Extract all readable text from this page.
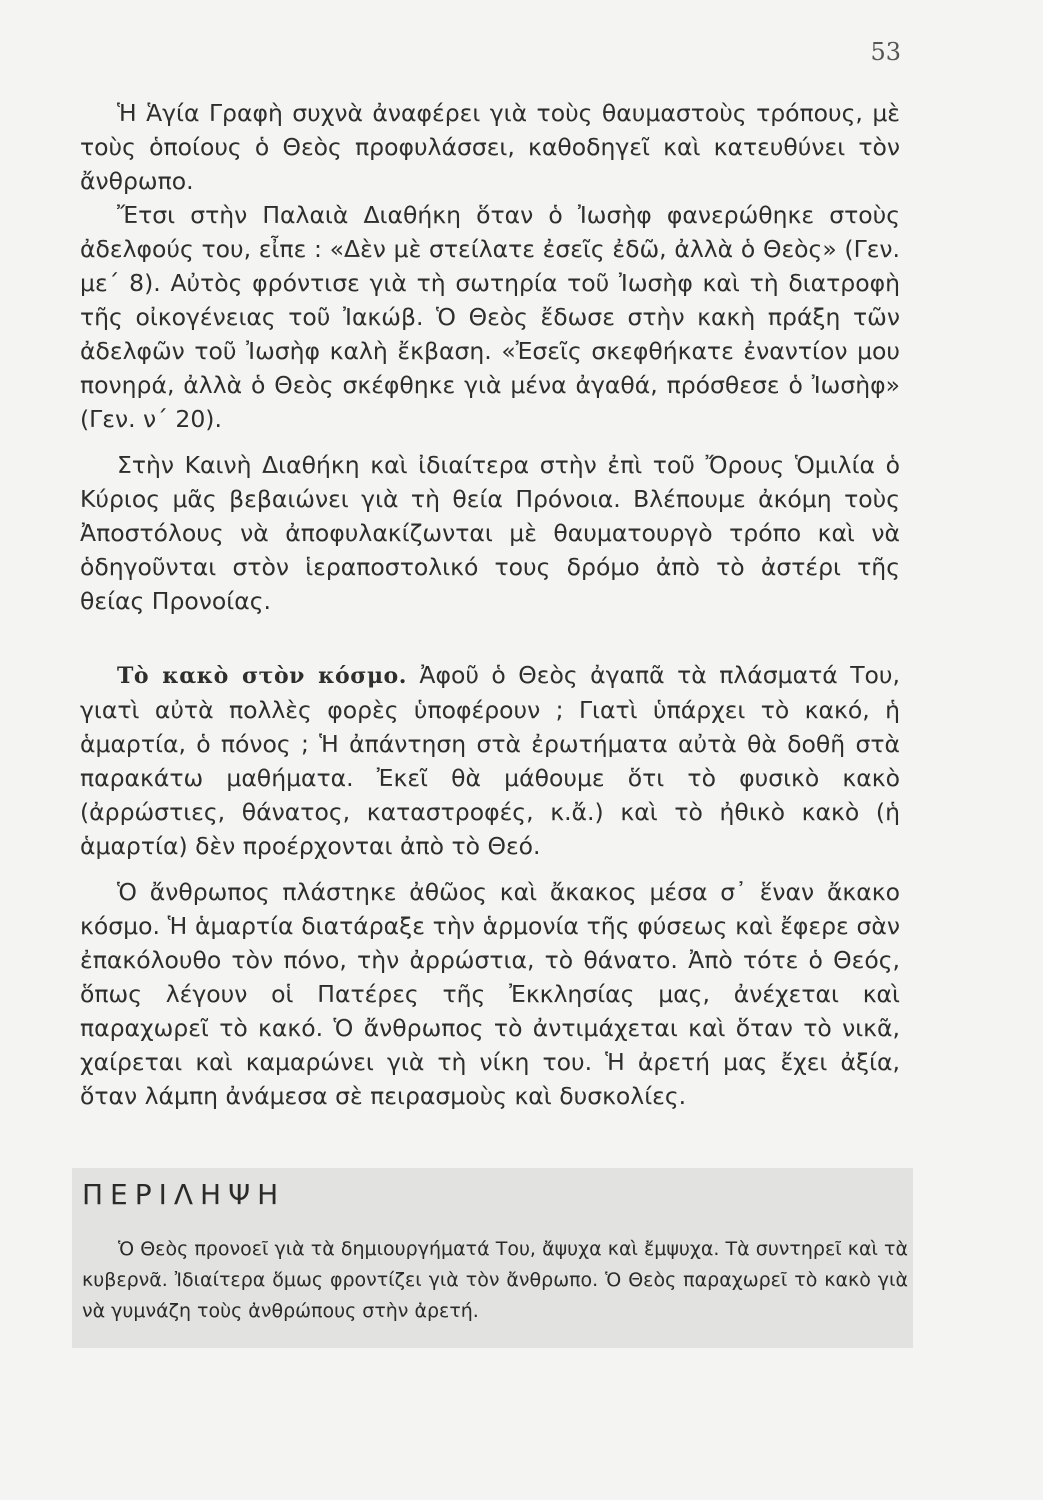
53

Ἡ Ἁγία Γραφὴ συχνὰ ἀναφέρει γιὰ τοὺς θαυμαστοὺς τρόπους, μὲ τοὺς ὁποίους ὁ Θεὸς προφυλάσσει, καθοδηγεῖ καὶ κατευθύνει τὸν ἄνθρωπο.

Ἔτσι στὴν Παλαιὰ Διαθήκη ὅταν ὁ Ἰωσὴφ φανερώθηκε στοὺς ἀδελφούς του, εἶπε : «Δὲν μὲ στείλατε ἐσεῖς ἐδῶ, ἀλλὰ ὁ Θεὸς» (Γεν. με΄ 8). Αὐτὸς φρόντισε γιὰ τὴ σωτηρία τοῦ Ἰωσὴφ καὶ τὴ διατροφὴ τῆς οἰκογένειας τοῦ Ἰακώβ. Ὁ Θεὸς ἔδωσε στὴν κακὴ πράξη τῶν ἀδελφῶν τοῦ Ἰωσὴφ καλὴ ἔκβαση. «Ἐσεῖς σκεφθήκατε ἐναντίον μου πονηρά, ἀλλὰ ὁ Θεὸς σκέφθηκε γιὰ μένα ἀγαθά, πρόσθεσε ὁ Ἰωσὴφ» (Γεν. ν΄ 20).

Στὴν Καινὴ Διαθήκη καὶ ἰδιαίτερα στὴν ἐπὶ τοῦ Ὄρους Ὁμιλία ὁ Κύριος μᾶς βεβαιώνει γιὰ τὴ θεία Πρόνοια. Βλέπουμε ἀκόμη τοὺς Ἀποστόλους νὰ ἀποφυλακίζωνται μὲ θαυματουργὸ τρόπο καὶ νὰ ὁδηγοῦνται στὸν ἱεραποστολικό τους δρόμο ἀπὸ τὸ ἀστέρι τῆς θείας Προνοίας.

Τὸ κακὸ στὸν κόσμο. Ἀφοῦ ὁ Θεὸς ἀγαπᾶ τὰ πλάσματά Του, γιατὶ αὐτὰ πολλὲς φορὲς ὑποφέρουν ; Γιατὶ ὑπάρχει τὸ κακό, ἡ ἁμαρτία, ὁ πόνος ; Ἡ ἀπάντηση στὰ ἐρωτήματα αὐτὰ θὰ δοθῆ στὰ παρακάτω μαθήματα. Ἐκεῖ θὰ μάθουμε ὅτι τὸ φυσικὸ κακὸ (ἀρρώστιες, θάνατος, καταστροφές, κ.ἄ.) καὶ τὸ ἠθικὸ κακὸ (ἡ ἁμαρτία) δὲν προέρχονται ἀπὸ τὸ Θεό.

Ὁ ἄνθρωπος πλάστηκε ἀθῶος καὶ ἄκακος μέσα σ᾽ ἕναν ἄκακο κόσμο. Ἡ ἁμαρτία διατάραξε τὴν ἁρμονία τῆς φύσεως καὶ ἔφερε σὰν ἐπακόλουθο τὸν πόνο, τὴν ἀρρώστια, τὸ θάνατο. Ἀπὸ τότε ὁ Θεός, ὅπως λέγουν οἱ Πατέρες τῆς Ἐκκλησίας μας, ἀνέχεται καὶ παραχωρεῖ τὸ κακό. Ὁ ἄνθρωπος τὸ ἀντιμάχεται καὶ ὅταν τὸ νικᾶ, χαίρεται καὶ καμαρώνει γιὰ τὴ νίκη του. Ἡ ἀρετή μας ἔχει ἀξία, ὅταν λάμπη ἀνάμεσα σὲ πειρασμοὺς καὶ δυσκολίες.

ΠΕΡΙΛΗΨΗ

Ὁ Θεὸς προνοεῖ γιὰ τὰ δημιουργήματά Του, ἄψυχα καὶ ἔμψυχα. Τὰ συντηρεῖ καὶ τὰ κυβερνᾶ. Ἰδιαίτερα ὅμως φροντίζει γιὰ τὸν ἄνθρωπο. Ὁ Θεὸς παραχωρεῖ τὸ κακὸ γιὰ νὰ γυμνάζη τοὺς ἀνθρώπους στὴν ἀρετή.
